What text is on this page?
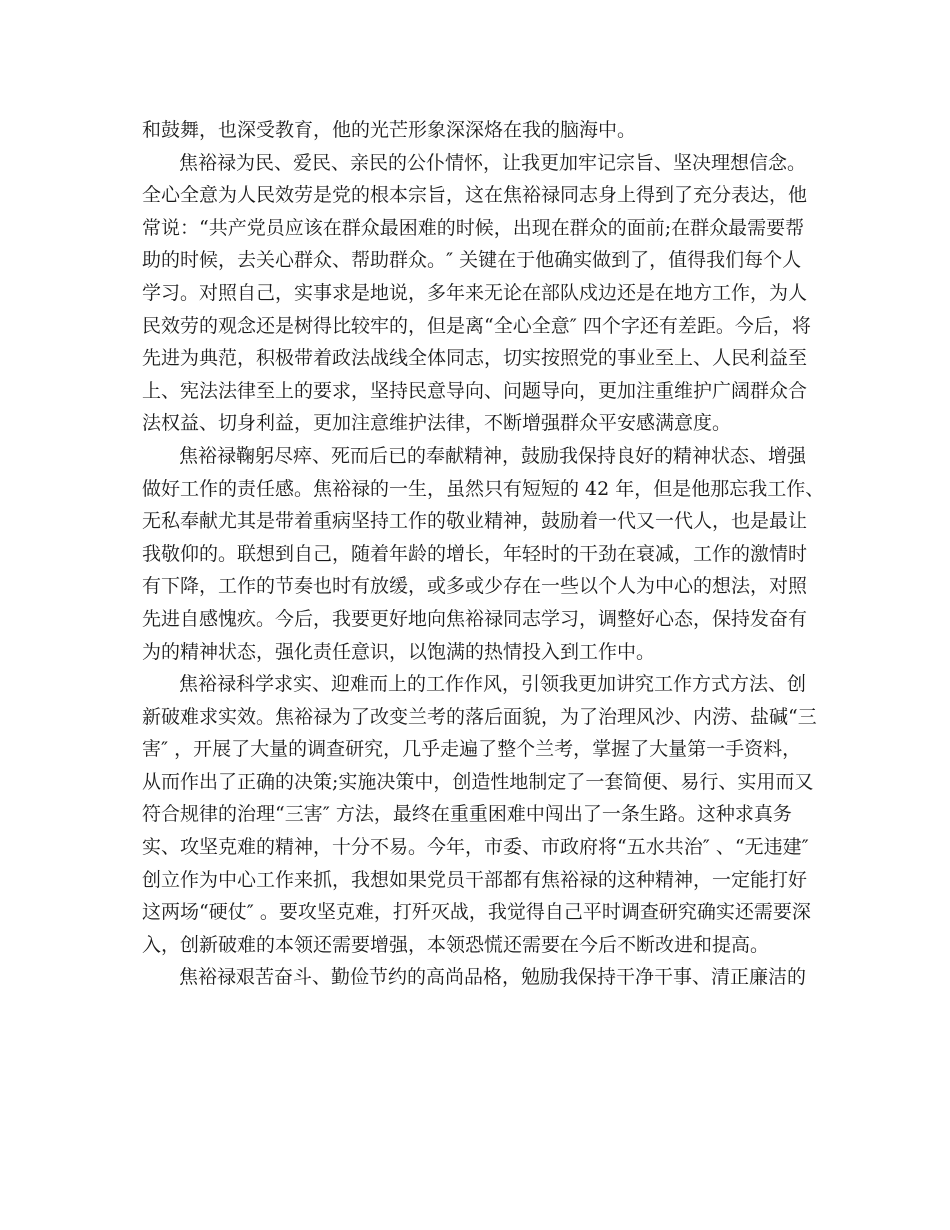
和鼓舞，也深受教育，他的光芒形象深深烙在我的脑海中。
焦裕禄为民、爱民、亲民的公仆情怀，让我更加牢记宗旨、坚决理想信念。
全心全意为人民效劳是党的根本宗旨，这在焦裕禄同志身上得到了充分表达，他
常说：“共产党员应该在群众最困难的时候，出现在群众的面前;在群众最需要帮
助的时候，去关心群众、帮助群众。″ 关键在于他确实做到了，值得我们每个人
学习。对照自己，实事求是地说，多年来无论在部队戍边还是在地方工作，为人
民效劳的观念还是树得比较牢的，但是离“全心全意″ 四个字还有差距。今后，将
先进为典范，积极带着政法战线全体同志，切实按照党的事业至上、人民利益至
上、宪法法律至上的要求，坚持民意导向、问题导向，更加注重维护广阔群众合
法权益、切身利益，更加注意维护法律，不断增强群众平安感满意度。
焦裕禄鞠躬尽瘁、死而后已的奉献精神，鼓励我保持良好的精神状态、增强
做好工作的责任感。焦裕禄的一生，虽然只有短短的 42 年，但是他那忘我工作、
无私奉献尤其是带着重病坚持工作的敬业精神，鼓励着一代又一代人，也是最让
我敬仰的。联想到自己，随着年龄的增长，年轻时的干劲在衰减，工作的激情时
有下降，工作的节奏也时有放缓，或多或少存在一些以个人为中心的想法，对照
先进自感愧疚。今后，我要更好地向焦裕禄同志学习，调整好心态，保持发奋有
为的精神状态，强化责任意识，以饱满的热情投入到工作中。
焦裕禄科学求实、迎难而上的工作作风，引领我更加讲究工作方式方法、创
新破难求实效。焦裕禄为了改变兰考的落后面貌，为了治理风沙、内涝、盐碱“三
害″ ，开展了大量的调查研究，几乎走遍了整个兰考，掌握了大量第一手资料，
从而作出了正确的决策;实施决策中，创造性地制定了一套简便、易行、实用而又
符合规律的治理“三害″ 方法，最终在重重困难中闯出了一条生路。这种求真务
实、攻坚克难的精神，十分不易。今年，市委、市政府将“五水共治″ 、“无违建″
创立作为中心工作来抓，我想如果党员干部都有焦裕禄的这种精神，一定能打好
这两场“硬仗″ 。要攻坚克难，打歼灭战，我觉得自己平时调查研究确实还需要深
入，创新破难的本领还需要增强，本领恐慌还需要在今后不断改进和提高。
焦裕禄艰苦奋斗、勤俭节约的高尚品格，勉励我保持干净干事、清正廉洁的
